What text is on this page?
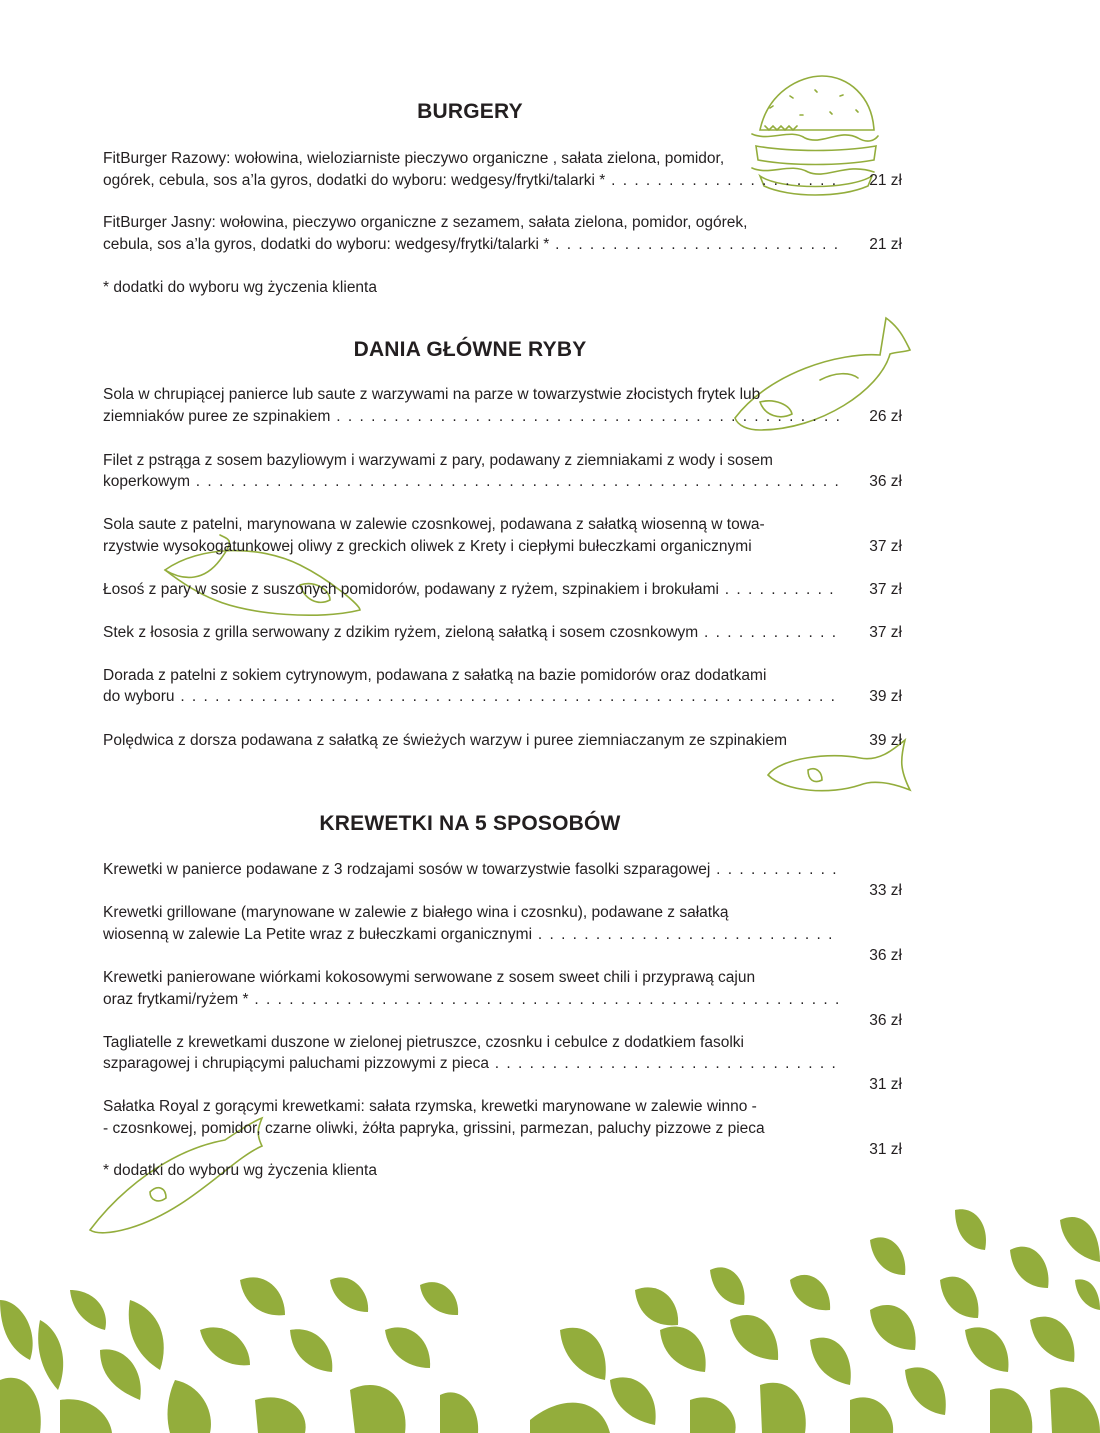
BURGERY
FitBurger Razowy: wołowina, wieloziarniste pieczywo organiczne , sałata zielona, pomidor,
ogórek, cebula, sos a’la gyros, dodatki do wyboru: wedgesy/frytki/talarki * . . .	21 zł
FitBurger Jasny: wołowina, pieczywo organiczne z sezamem, sałata zielona, pomidor, ogórek,
cebula, sos a’la gyros, dodatki do wyboru: wedgesy/frytki/talarki * . . .	21 zł
* dodatki do wyboru wg życzenia klienta
DANIA GŁÓWNE RYBY
Sola w chrupiącej panierce lub saute z warzywami na parze w towarzystwie złocistych frytek lub
ziemniaków puree ze szpinakiem . . .	26 zł
Filet z pstrąga z sosem bazyliowym i warzywami z pary, podawany z ziemniakami z wody i sosem
koperkowym . . .	36 zł
Sola saute z patelni, marynowana w zalewie czosnkowej, podawana z sałatką wiosenną w towa-
rzystwie wysokogatunkowej oliwy z greckich oliwek z Krety i ciepłymi bułeczkami organicznymi	37 zł
Łosoś z pary w sosie z suszonych pomidorów, podawany z ryżem, szpinakiem i brokułami . . .	37 zł
Stek z łososia z grilla serwowany z dzikim ryżem, zieloną sałatką i sosem czosnkowym . . .	37 zł
Dorada z patelni z sokiem cytrynowym, podawana z sałatką na bazie pomidorów oraz dodatkami
do wyboru . . .	39 zł
Polędwica z dorsza podawana z sałatką ze świeżych warzyw i puree ziemniaczanym ze szpinakiem	39 zł
KREWETKI NA 5 SPOSOBÓW
Krewetki w panierce podawane z 3 rodzajami sosów w towarzystwie fasolki szparagowej . . .
33 zł
Krewetki grillowane (marynowane w zalewie z białego wina i czosnku), podawane z sałatką
wiosenną w zalewie La Petite wraz z bułeczkami organicznymi . . .
36 zł
Krewetki panierowane wiórkami kokosowymi serwowane z sosem sweet chili i przyprawą cajun
oraz frytkami/ryżem * . . .
36 zł
Tagliatelle z krewetkami duszone w zielonej pietruszce, czosnku i cebulce z dodatkiem fasolki
szparagowej i chrupiącymi paluchami pizzowymi z pieca . . .
31 zł
Sałatka Royal z gorącymi krewetkami: sałata rzymska, krewetki marynowane w zalewie winno -
- czosnkowej, pomidor, czarne oliwki, żółta papryka, grissini, parmezan, paluchy pizzowe z pieca
31 zł
* dodatki do wyboru wg życzenia klienta
